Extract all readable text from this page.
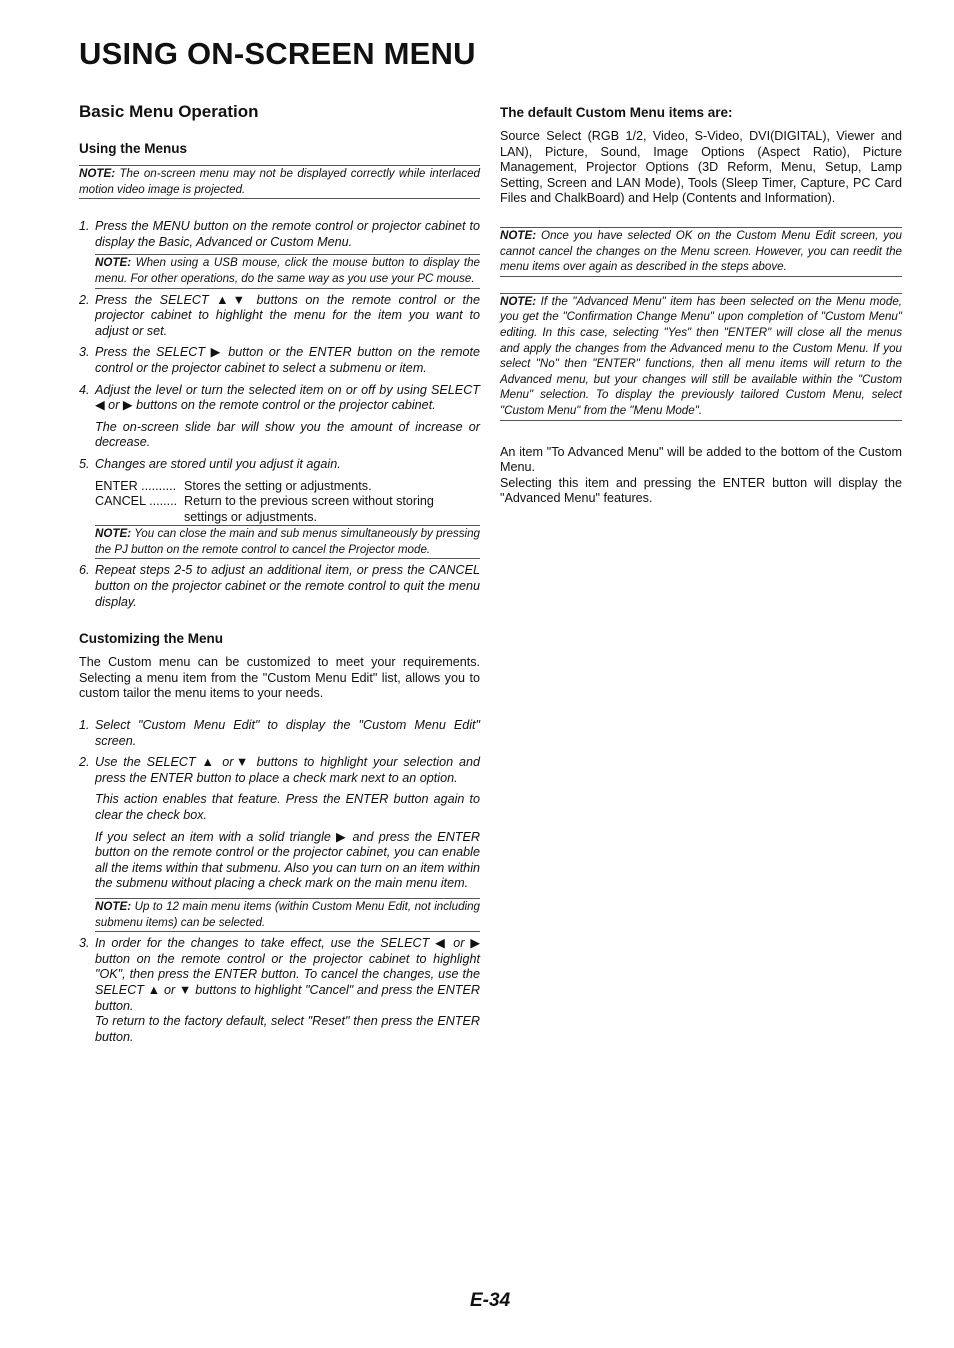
USING ON-SCREEN MENU
Basic Menu Operation
Using the Menus
NOTE: The on-screen menu may not be displayed correctly while interlaced motion video image is projected.
1. Press the MENU button on the remote control or projector cabinet to display the Basic, Advanced or Custom Menu.
NOTE: When using a USB mouse, click the mouse button to display the menu. For other operations, do the same way as you use your PC mouse.
2. Press the SELECT ▲▼ buttons on the remote control or the projector cabinet to highlight the menu for the item you want to adjust or set.
3. Press the SELECT ▶ button or the ENTER button on the remote control or the projector cabinet to select a submenu or item.
4. Adjust the level or turn the selected item on or off by using SELECT ◀ or ▶ buttons on the remote control or the projector cabinet.

The on-screen slide bar will show you the amount of increase or decrease.

5. Changes are stored until you adjust it again.
ENTER .......... Stores the setting or adjustments.
CANCEL ........ Return to the previous screen without storing settings or adjustments.
NOTE: You can close the main and sub menus simultaneously by pressing the PJ button on the remote control to cancel the Projector mode.
6. Repeat steps 2-5 to adjust an additional item, or press the CANCEL button on the projector cabinet or the remote control to quit the menu display.
Customizing the Menu

The Custom menu can be customized to meet your requirements. Selecting a menu item from the "Custom Menu Edit" list, allows you to custom tailor the menu items to your needs.

1. Select "Custom Menu Edit" to display the "Custom Menu Edit" screen.
2. Use the SELECT ▲ or▼ buttons to highlight your selection and press the ENTER button to place a check mark next to an option.

This action enables that feature. Press the ENTER button again to clear the check box.

If you select an item with a solid triangle ▶ and press the ENTER button on the remote control or the projector cabinet, you can enable all the items within that submenu. Also you can turn on an item within the submenu without placing a check mark on the main menu item.

NOTE: Up to 12 main menu items (within Custom Menu Edit, not including submenu items) can be selected.
3. In order for the changes to take effect, use the SELECT ◀ or ▶ button on the remote control or the projector cabinet to highlight "OK", then press the ENTER button. To cancel the changes, use the SELECT ▲ or ▼ buttons to highlight "Cancel" and press the ENTER button.

To return to the factory default, select "Reset" then press the ENTER button.

The default Custom Menu items are:

Source Select (RGB 1/2, Video, S-Video, DVI(DIGITAL), Viewer and LAN), Picture, Sound, Image Options (Aspect Ratio), Picture Management, Projector Options (3D Reform, Menu, Setup, Lamp Setting, Screen and LAN Mode), Tools (Sleep Timer, Capture, PC Card Files and ChalkBoard) and Help (Contents and Information).

NOTE: Once you have selected OK on the Custom Menu Edit screen, you cannot cancel the changes on the Menu screen. However, you can reedit the menu items over again as described in the steps above.
NOTE: If the "Advanced Menu" item has been selected on the Menu mode, you get the "Confirmation Change Menu" upon completion of "Custom Menu" editing. In this case, selecting "Yes" then "ENTER" will close all the menus and apply the changes from the Advanced menu to the Custom Menu. If you select "No" then "ENTER" functions, then all menu items will return to the Advanced menu, but your changes will still be available within the "Custom Menu" selection. To display the previously tailored Custom Menu, select "Custom Menu" from the "Menu Mode".

An item "To Advanced Menu" will be added to the bottom of the Custom Menu.

Selecting this item and pressing the ENTER button will display the "Advanced Menu" features.

E-34
